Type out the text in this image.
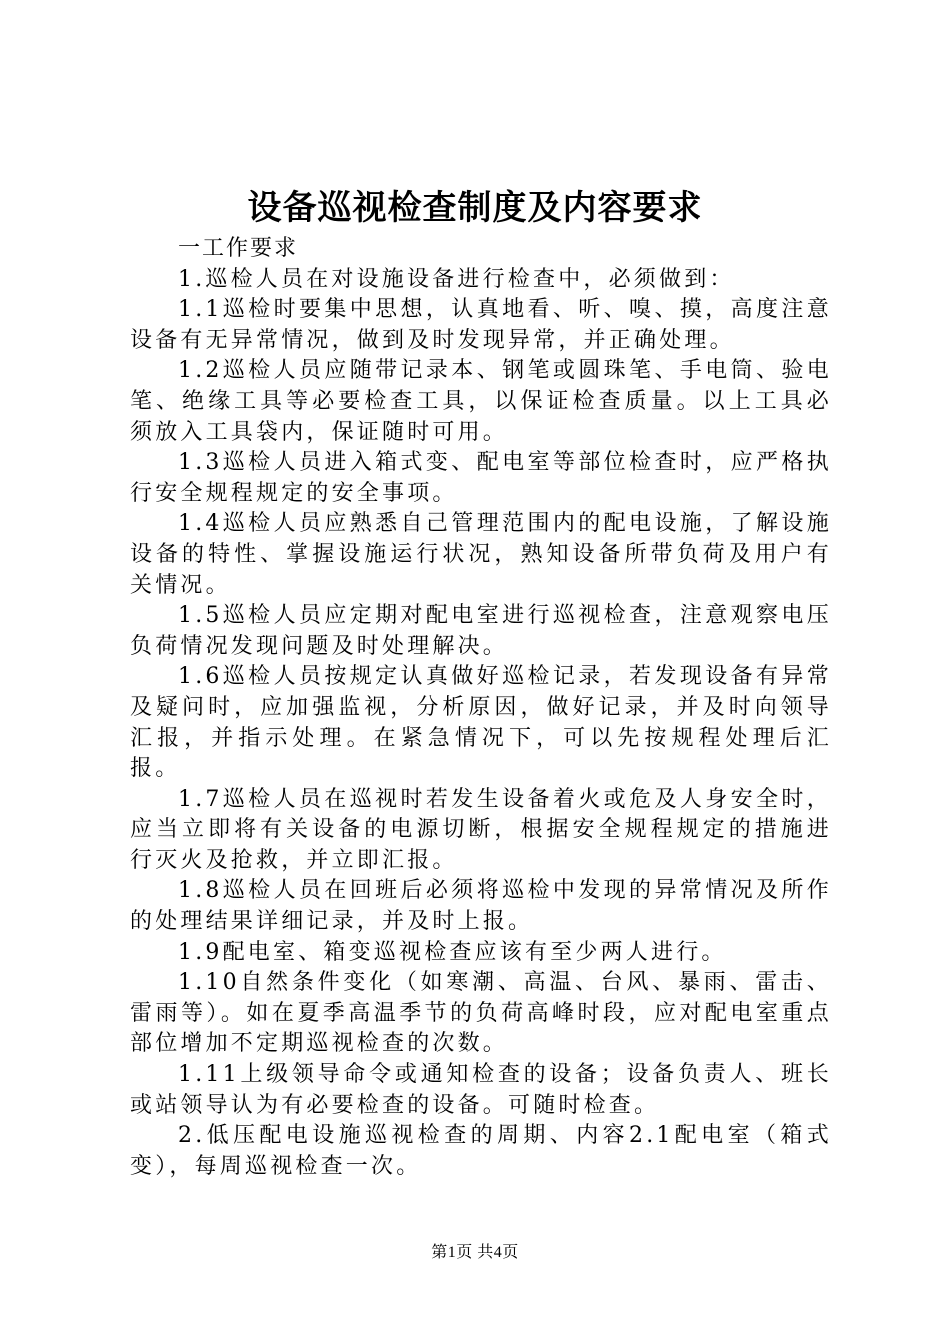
设备巡视检查制度及内容要求

一工作要求

1.巡检人员在对设施设备进行检查中，必须做到：

1.1巡检时要集中思想，认真地看、听、嗅、摸，高度注意设备有无异常情况，做到及时发现异常，并正确处理。

1.2巡检人员应随带记录本、钢笔或圆珠笔、手电筒、验电笔、绝缘工具等必要检查工具，以保证检查质量。以上工具必须放入工具袋内，保证随时可用。

1.3巡检人员进入箱式变、配电室等部位检查时，应严格执行安全规程规定的安全事项。

1.4巡检人员应熟悉自己管理范围内的配电设施，了解设施设备的特性、掌握设施运行状况，熟知设备所带负荷及用户有关情况。

1.5巡检人员应定期对配电室进行巡视检查，注意观察电压负荷情况发现问题及时处理解决。

1.6巡检人员按规定认真做好巡检记录，若发现设备有异常及疑问时，应加强监视，分析原因，做好记录，并及时向领导汇报，并指示处理。在紧急情况下，可以先按规程处理后汇报。

1.7巡检人员在巡视时若发生设备着火或危及人身安全时，应当立即将有关设备的电源切断，根据安全规程规定的措施进行灭火及抢救，并立即汇报。

1.8巡检人员在回班后必须将巡检中发现的异常情况及所作的处理结果详细记录，并及时上报。

1.9配电室、箱变巡视检查应该有至少两人进行。

1.10自然条件变化（如寒潮、高温、台风、暴雨、雷击、雷雨等）。如在夏季高温季节的负荷高峰时段，应对配电室重点部位增加不定期巡视检查的次数。

1.11上级领导命令或通知检查的设备；设备负责人、班长或站领导认为有必要检查的设备。可随时检查。

2.低压配电设施巡视检查的周期、内容2.1配电室（箱式变），每周巡视检查一次。

第1页 共4页
